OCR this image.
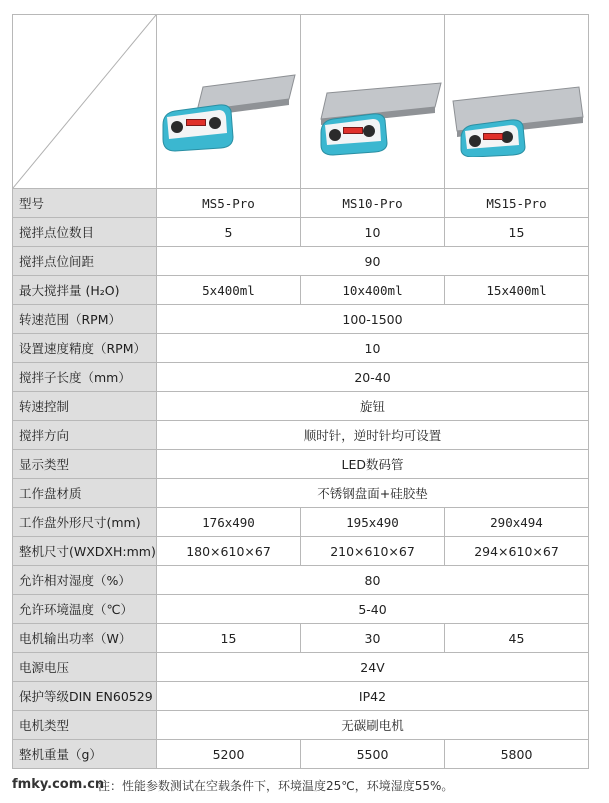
型号	MS5-Pro	MS10-Pro	MS15-Pro
搅拌点位数目	5	10	15
搅拌点位间距	90		
最大搅拌量 (H₂O)	5x400ml	10x400ml	15x400ml
转速范围（RPM）	100-1500		
设置速度精度（RPM）	10		
搅拌子长度（mm）	20-40		
转速控制	旋钮		
搅拌方向	顺时针，逆时针均可设置		
显示类型	LED数码管		
工作盘材质	不锈钢盘面+硅胶垫		
工作盘外形尺寸(mm)	176x490	195x490	290x494
整机尺寸(WXDXH:mm)	180×610×67	210×610×67	294×610×67
允许相对湿度（%）	80		
允许环境温度（℃）	5-40		
电机输出功率（W）	15	30	45
电源电压	24V		
保护等级DIN EN60529	IP42		
电机类型	无碳刷电机		
整机重量（g）	5200	5500	5800
fmky.com.cn
注：性能参数测试在空载条件下，环境温度25℃，环境湿度55%。
